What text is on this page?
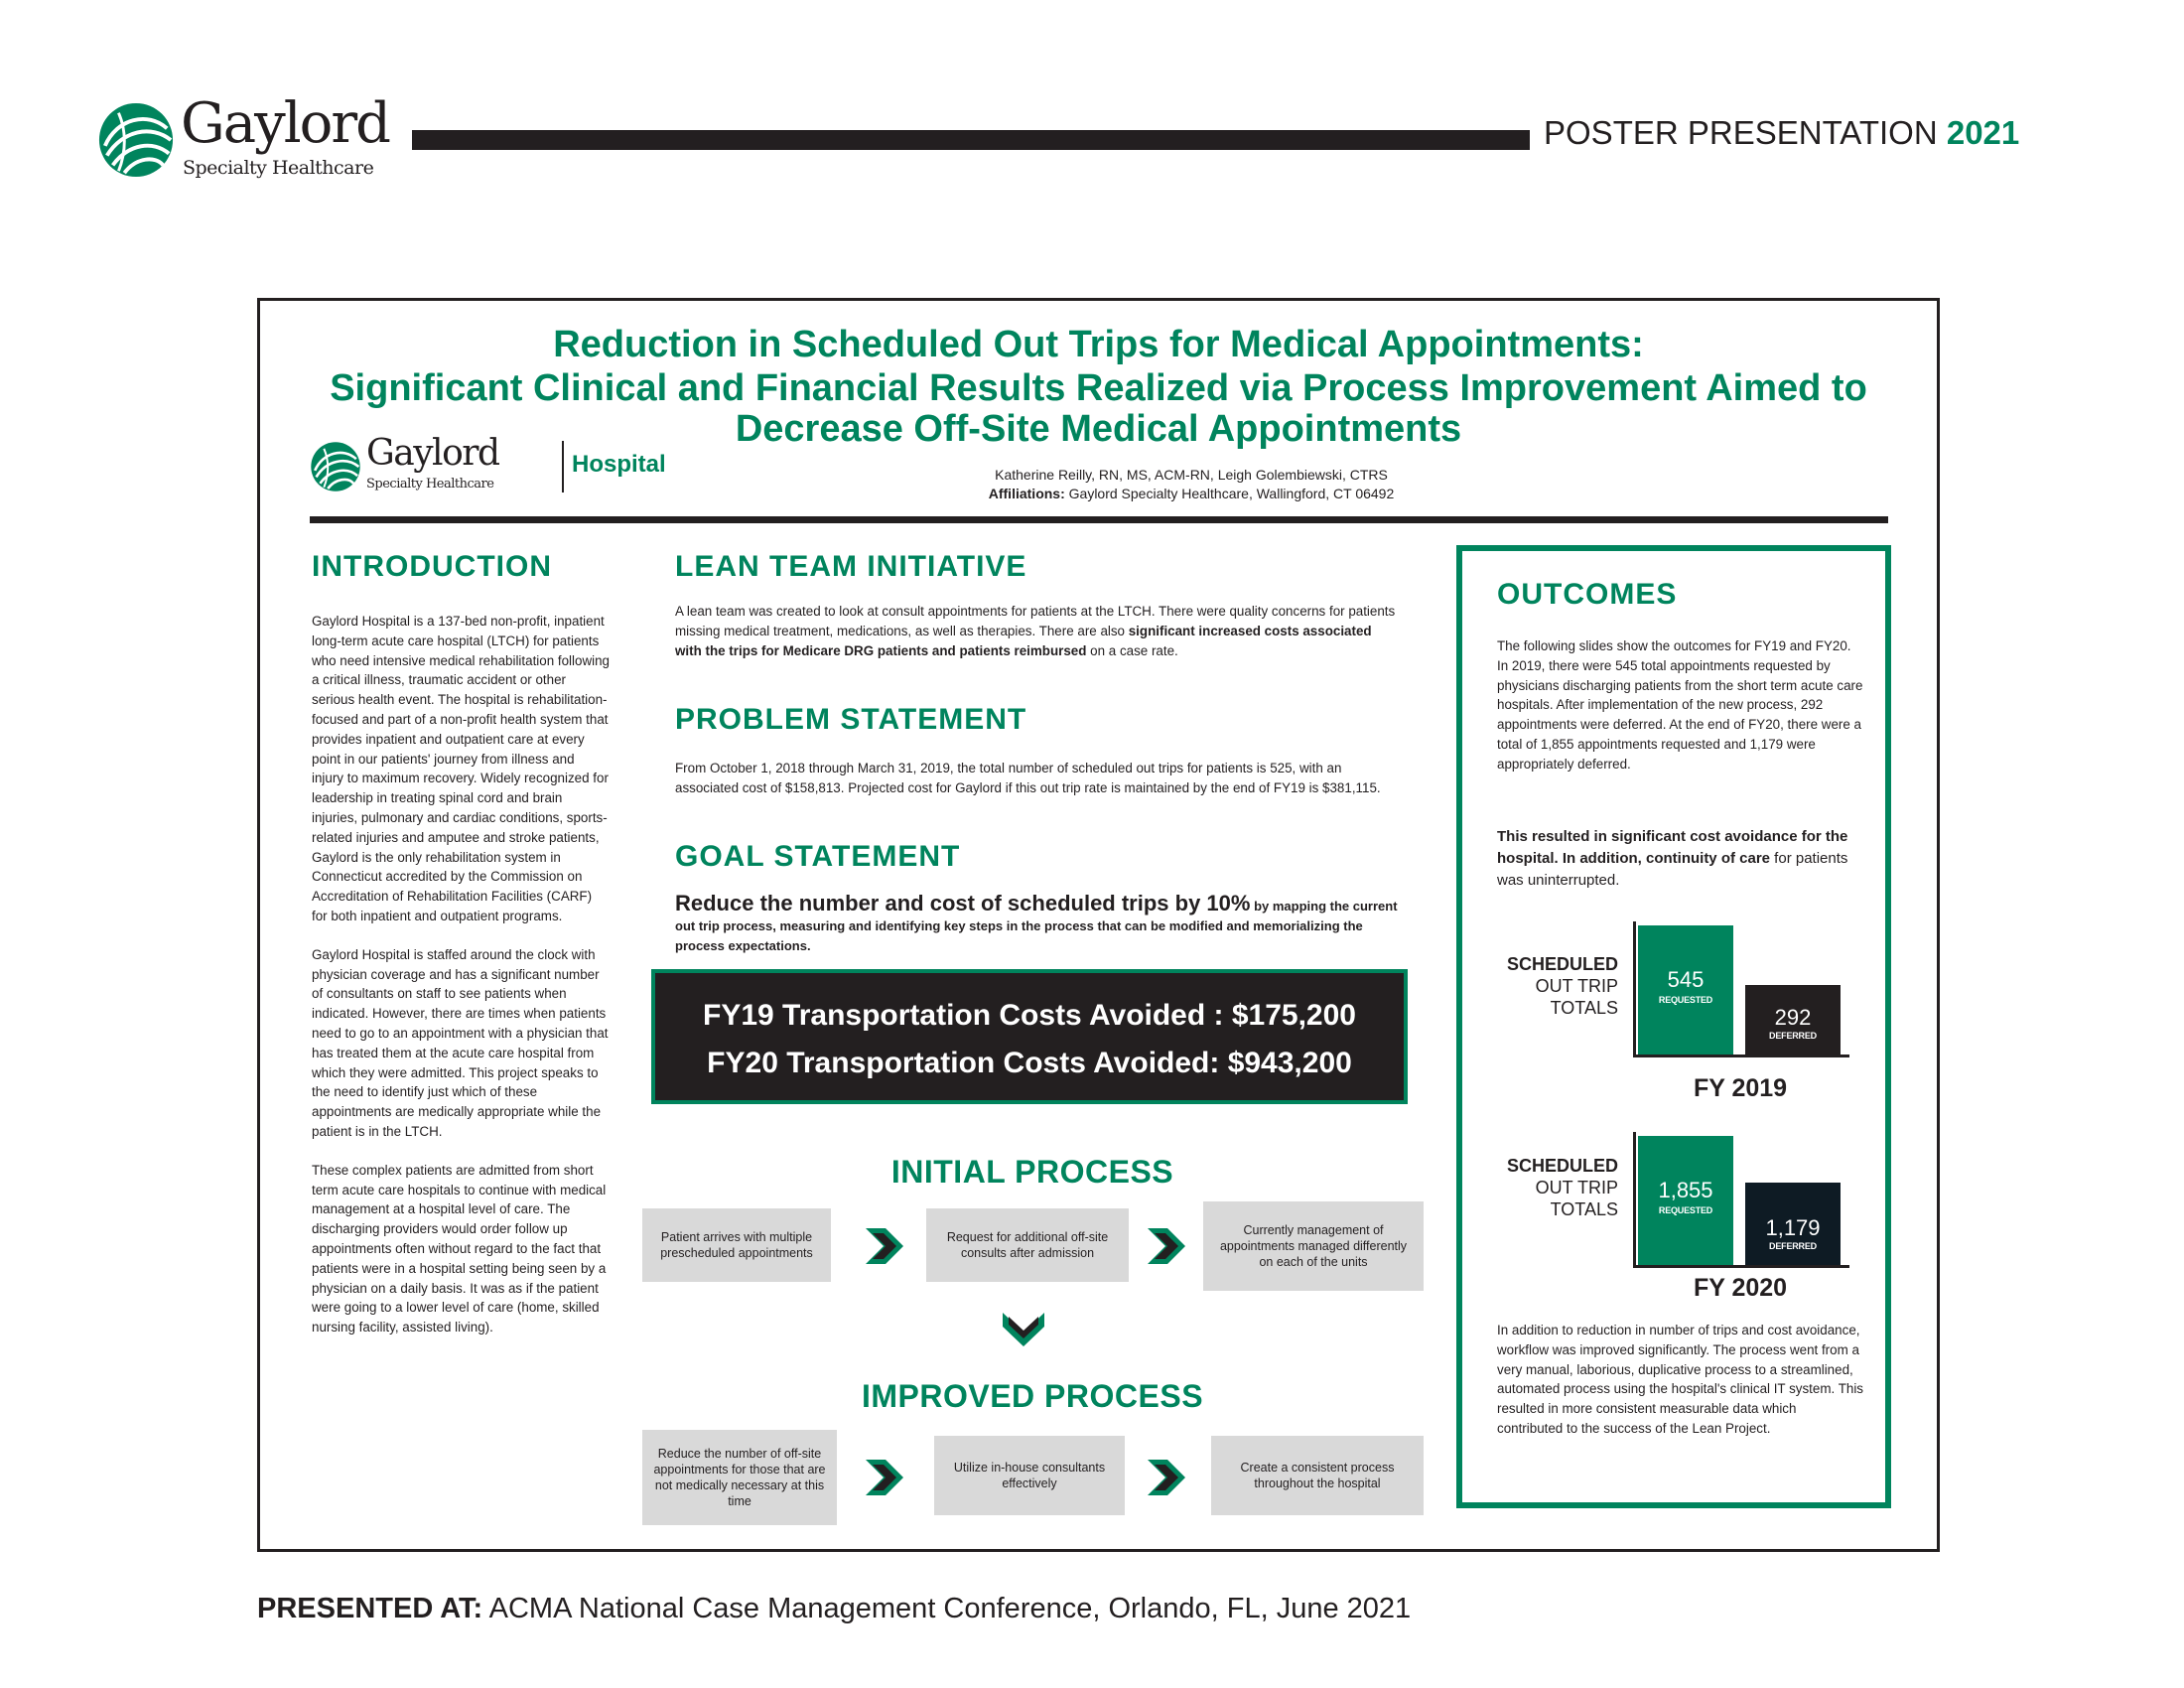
Gaylord
Specialty Healthcare
POSTER PRESENTATION 2021
Reduction in Scheduled Out Trips for Medical Appointments:
Significant Clinical and Financial Results Realized via Process Improvement Aimed to
Decrease Off-Site Medical Appointments
Gaylord
Specialty Healthcare
Hospital	Katherine Reilly, RN, MS, ACM-RN, Leigh Golembiewski, CTRS
Affiliations: Gaylord Specialty Healthcare, Wallingford, CT 06492
INTRODUCTION

Gaylord Hospital is a 137-bed non-profit, inpatient long-term acute care hospital (LTCH) for patients who need intensive medical rehabilitation following a critical illness, traumatic accident or other serious health event. The hospital is rehabilitation-focused and part of a non-profit health system that provides inpatient and outpatient care at every point in our patients' journey from illness and injury to maximum recovery. Widely recognized for leadership in treating spinal cord and brain injuries, pulmonary and cardiac conditions, sports-related injuries and amputee and stroke patients, Gaylord is the only rehabilitation system in Connecticut accredited by the Commission on Accreditation of Rehabilitation Facilities (CARF) for both inpatient and outpatient programs.

Gaylord Hospital is staffed around the clock with physician coverage and has a significant number of consultants on staff to see patients when indicated. However, there are times when patients need to go to an appointment with a physician that has treated them at the acute care hospital from which they were admitted. This project speaks to the need to identify just which of these appointments are medically appropriate while the patient is in the LTCH.

These complex patients are admitted from short term acute care hospitals to continue with medical management at a hospital level of care. The discharging providers would order follow up appointments often without regard to the fact that patients were in a hospital setting being seen by a physician on a daily basis. It was as if the patient were going to a lower level of care (home, skilled nursing facility, assisted living).

LEAN TEAM INITIATIVE
A lean team was created to look at consult appointments for patients at the LTCH. There were quality concerns for patients missing medical treatment, medications, as well as therapies. There are also significant increased costs associated with the trips for Medicare DRG patients and patients reimbursed on a case rate.
PROBLEM STATEMENT
From October 1, 2018 through March 31, 2019, the total number of scheduled out trips for patients is 525, with an associated cost of $158,813. Projected cost for Gaylord if this out trip rate is maintained by the end of FY19 is $381,115.
GOAL STATEMENT
Reduce the number and cost of scheduled trips by 10% by mapping the current out trip process, measuring and identifying key steps in the process that can be modified and memorializing the process expectations.
FY19 Transportation Costs Avoided : $175,200
FY20 Transportation Costs Avoided: $943,200
INITIAL PROCESS
Patient arrives with multiple prescheduled appointments
Request for additional off-site consults after admission
Currently management of appointments managed differently on each of the units
IMPROVED PROCESS
Reduce the number of off-site appointments for those that are not medically necessary at this time
Utilize in-house consultants effectively
Create a consistent process throughout the hospital
OUTCOMES
The following slides show the outcomes for FY19 and FY20. In 2019, there were 545 total appointments requested by physicians discharging patients from the short term acute care hospitals. After implementation of the new process, 292 appointments were deferred. At the end of FY20, there were a total of 1,855 appointments requested and 1,179 were appropriately deferred.
This resulted in significant cost avoidance for the hospital. In addition, continuity of care for patients was uninterrupted.
SCHEDULED
OUT TRIP
TOTALS
545
REQUESTED
292
DEFERRED
FY 2019
SCHEDULED
OUT TRIP
TOTALS
1,855
REQUESTED
1,179
DEFERRED
FY 2020
In addition to reduction in number of trips and cost avoidance, workflow was improved significantly. The process went from a very manual, laborious, duplicative process to a streamlined, automated process using the hospital's clinical IT system. This resulted in more consistent measurable data which contributed to the success of the Lean Project.
PRESENTED AT: ACMA National Case Management Conference, Orlando, FL, June 2021
